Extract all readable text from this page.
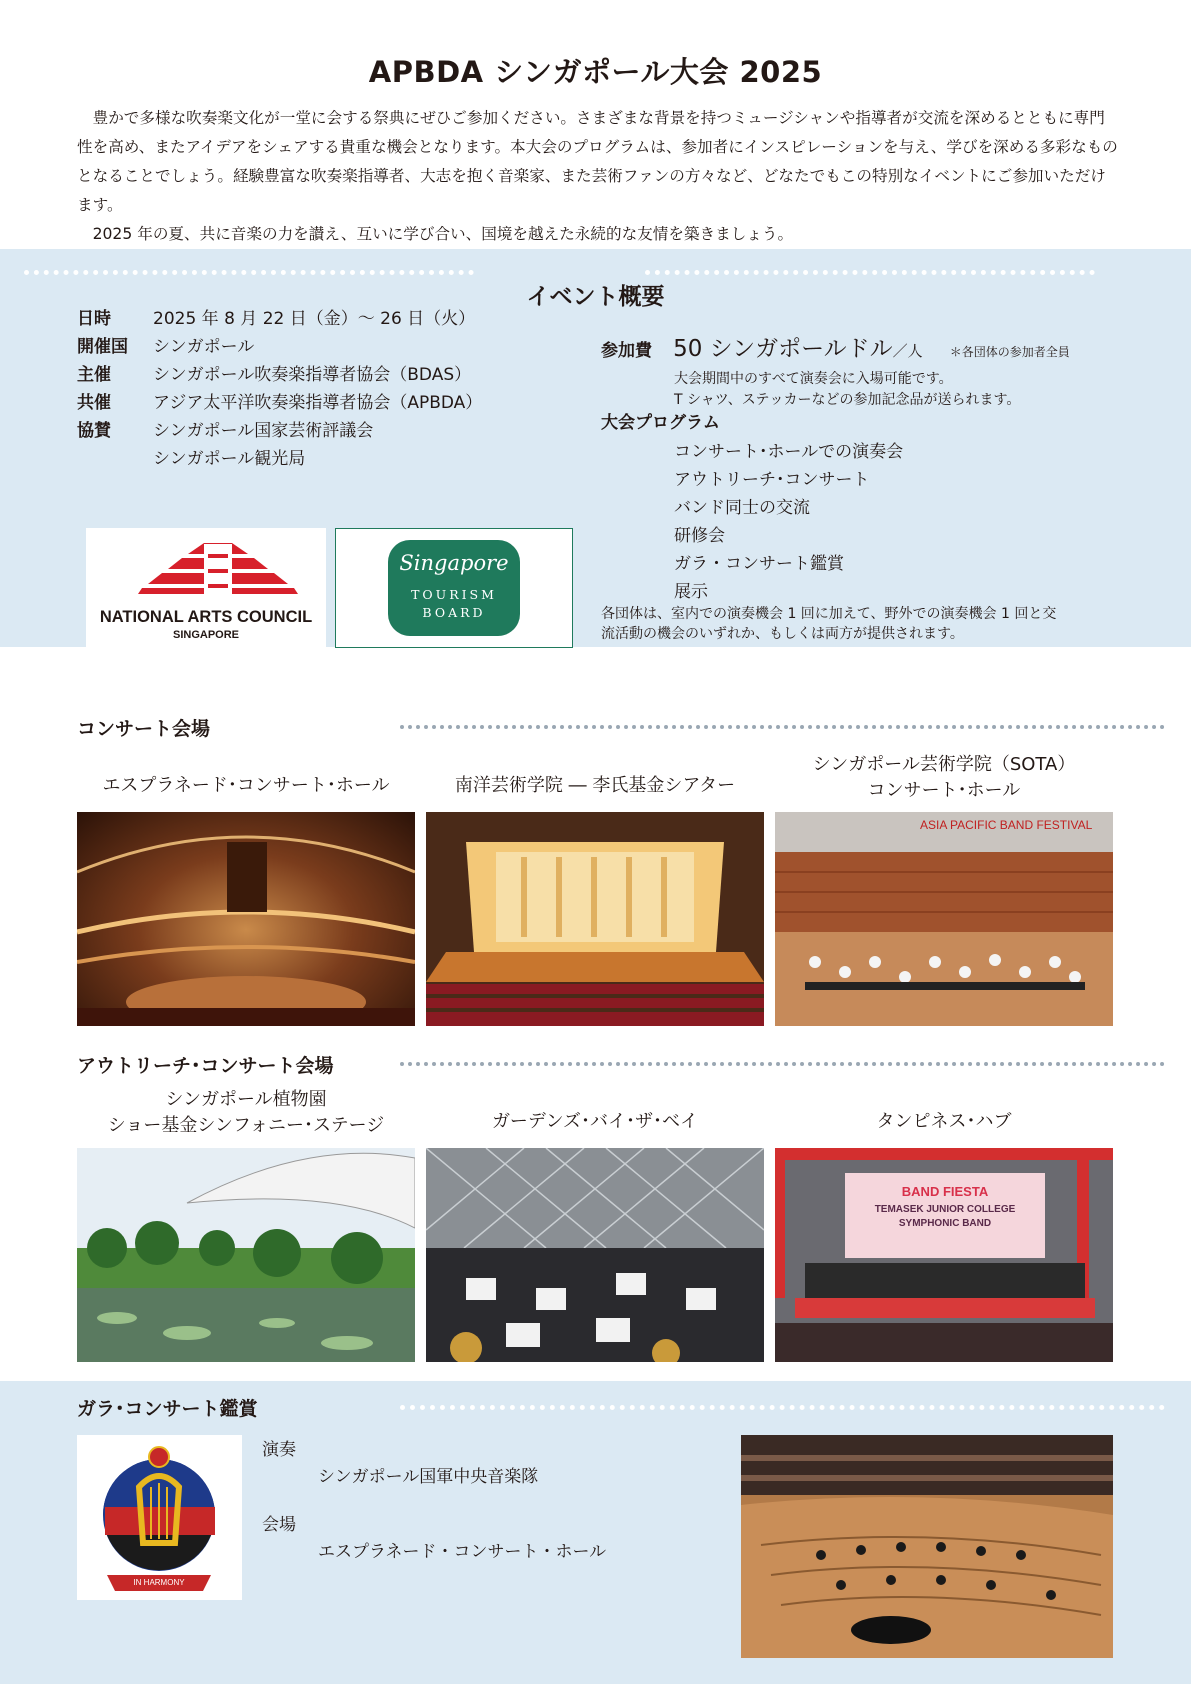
APBDA シンガポール大会 2025

豊かで多様な吹奏楽文化が一堂に会する祭典にぜひご参加ください。さまざまな背景を持つミュージシャンや指導者が交流を深めるとともに専門性を高め、またアイデアをシェアする貴重な機会となります。本大会のプログラムは、参加者にインスピレーションを与え、学びを深める多彩なものとなることでしょう。経験豊富な吹奏楽指導者、大志を抱く音楽家、また芸術ファンの方々など、どなたでもこの特別なイベントにご参加いただけます。

2025 年の夏、共に音楽の力を讃え、互いに学び合い、国境を越えた永続的な友情を築きましょう。

イベント概要
日時 2025 年 8 月 22 日（金）～ 26 日（火）
開催国 シンガポール
主催 シンガポール吹奏楽指導者協会（BDAS）
共催 アジア太平洋吹奏楽指導者協会（APBDA）
協賛 シンガポール国家芸術評議会
シンガポール観光局
NATIONAL ARTS COUNCIL
SINGAPORE
Singapore
TOURISM
BOARD
参加費 50 シンガポールドル／人 ＊各団体の参加者全員
大会期間中のすべて演奏会に入場可能です。
T シャツ、ステッカーなどの参加記念品が送られます。
大会プログラム
コンサート･ホールでの演奏会
アウトリーチ･コンサート
バンド同士の交流
研修会
ガラ・コンサート鑑賞
展示
各団体は、室内での演奏機会 1 回に加えて、野外での演奏機会 1 回と交
流活動の機会のいずれか、もしくは両方が提供されます。
コンサート会場
エスプラネード･コンサート･ホール	南洋芸術学院 ― 李氏基金シアター
シンガポール芸術学院（SOTA）
コンサート･ホール
ASIA PACIFIC BAND FESTIVAL
アウトリーチ･コンサート会場
シンガポール植物園
ショー基金シンフォニー･ステージ	ガーデンズ･バイ･ザ･ベイ	タンピネス･ハブ
BAND FIESTA
TEMASEK JUNIOR COLLEGE
SYMPHONIC BAND
ガラ･コンサート鑑賞
IN HARMONY
演奏
シンガポール国軍中央音楽隊
会場
エスプラネード・コンサート・ホール
